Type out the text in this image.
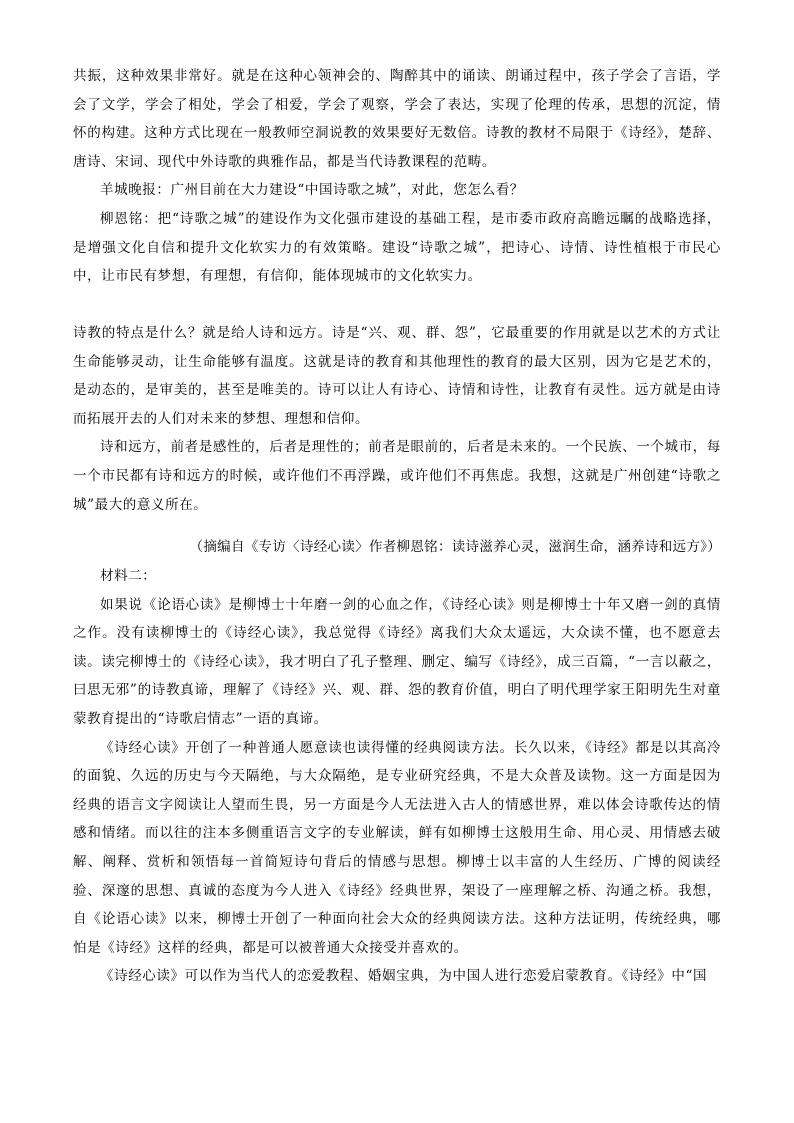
共振，这种效果非常好。就是在这种心领神会的、陶醉其中的诵读、朗诵过程中，孩子学会了言语，学会了文学，学会了相处，学会了相爱，学会了观察，学会了表达，实现了伦理的传承，思想的沉淀，情怀的构建。这种方式比现在一般教师空洞说教的效果要好无数倍。诗教的教材不局限于《诗经》，楚辞、唐诗、宋词、现代中外诗歌的典雅作品，都是当代诗教课程的范畴。
羊城晚报：广州目前在大力建设“中国诗歌之城”，对此，您怎么看？
柳恩铭：把“诗歌之城”的建设作为文化强市建设的基础工程，是市委市政府高瞻远瞩的战略选择，是增强文化自信和提升文化软实力的有效策略。建设“诗歌之城”，把诗心、诗情、诗性植根于市民心中，让市民有梦想，有理想，有信仰，能体现城市的文化软实力。
诗教的特点是什么？就是给人诗和远方。诗是“兴、观、群、怨”，它最重要的作用就是以艺术的方式让生命能够灵动，让生命能够有温度。这就是诗的教育和其他理性的教育的最大区别，因为它是艺术的，是动态的，是审美的，甚至是唯美的。诗可以让人有诗心、诗情和诗性，让教育有灵性。远方就是由诗而拓展开去的人们对未来的梦想、理想和信仰。
诗和远方，前者是感性的，后者是理性的；前者是眼前的，后者是未来的。一个民族、一个城市，每一个市民都有诗和远方的时候，或许他们不再浮躁，或许他们不再焦虑。我想，这就是广州创建“诗歌之城”最大的意义所在。
（摘编自《专访〈诗经心读〉作者柳恩铭：读诗滋养心灵，滋润生命，涵养诗和远方》）
材料二：
如果说《论语心读》是柳博士十年磨一剑的心血之作，《诗经心读》则是柳博士十年又磨一剑的真情之作。没有读柳博士的《诗经心读》，我总觉得《诗经》离我们大众太遥远，大众读不懂，也不愿意去读。读完柳博士的《诗经心读》，我才明白了孔子整理、删定、编写《诗经》，成三百篇，“一言以蔽之，曰思无邪”的诗教真谛，理解了《诗经》兴、观、群、怨的教育价值，明白了明代理学家王阳明先生对童蒙教育提出的“诗歌启情志”一语的真谛。
《诗经心读》开创了一种普通人愿意读也读得懂的经典阅读方法。长久以来，《诗经》都是以其高冷的面貌、久远的历史与今天隔绝，与大众隔绝，是专业研究经典，不是大众普及读物。这一方面是因为经典的语言文字阅读让人望而生畏，另一方面是今人无法进入古人的情感世界，难以体会诗歌传达的情感和情绪。而以往的注本多侧重语言文字的专业解读，鲜有如柳博士这般用生命、用心灵、用情感去破解、阐释、赏析和领悟每一首简短诗句背后的情感与思想。柳博士以丰富的人生经历、广博的阅读经验、深邃的思想、真诚的态度为今人进入《诗经》经典世界，架设了一座理解之桥、沟通之桥。我想，自《论语心读》以来，柳博士开创了一种面向社会大众的经典阅读方法。这种方法证明，传统经典，哪怕是《诗经》这样的经典，都是可以被普通大众接受并喜欢的。
《诗经心读》可以作为当代人的恋爱教程、婚姻宝典，为中国人进行恋爱启蒙教育。《诗经》中“国
